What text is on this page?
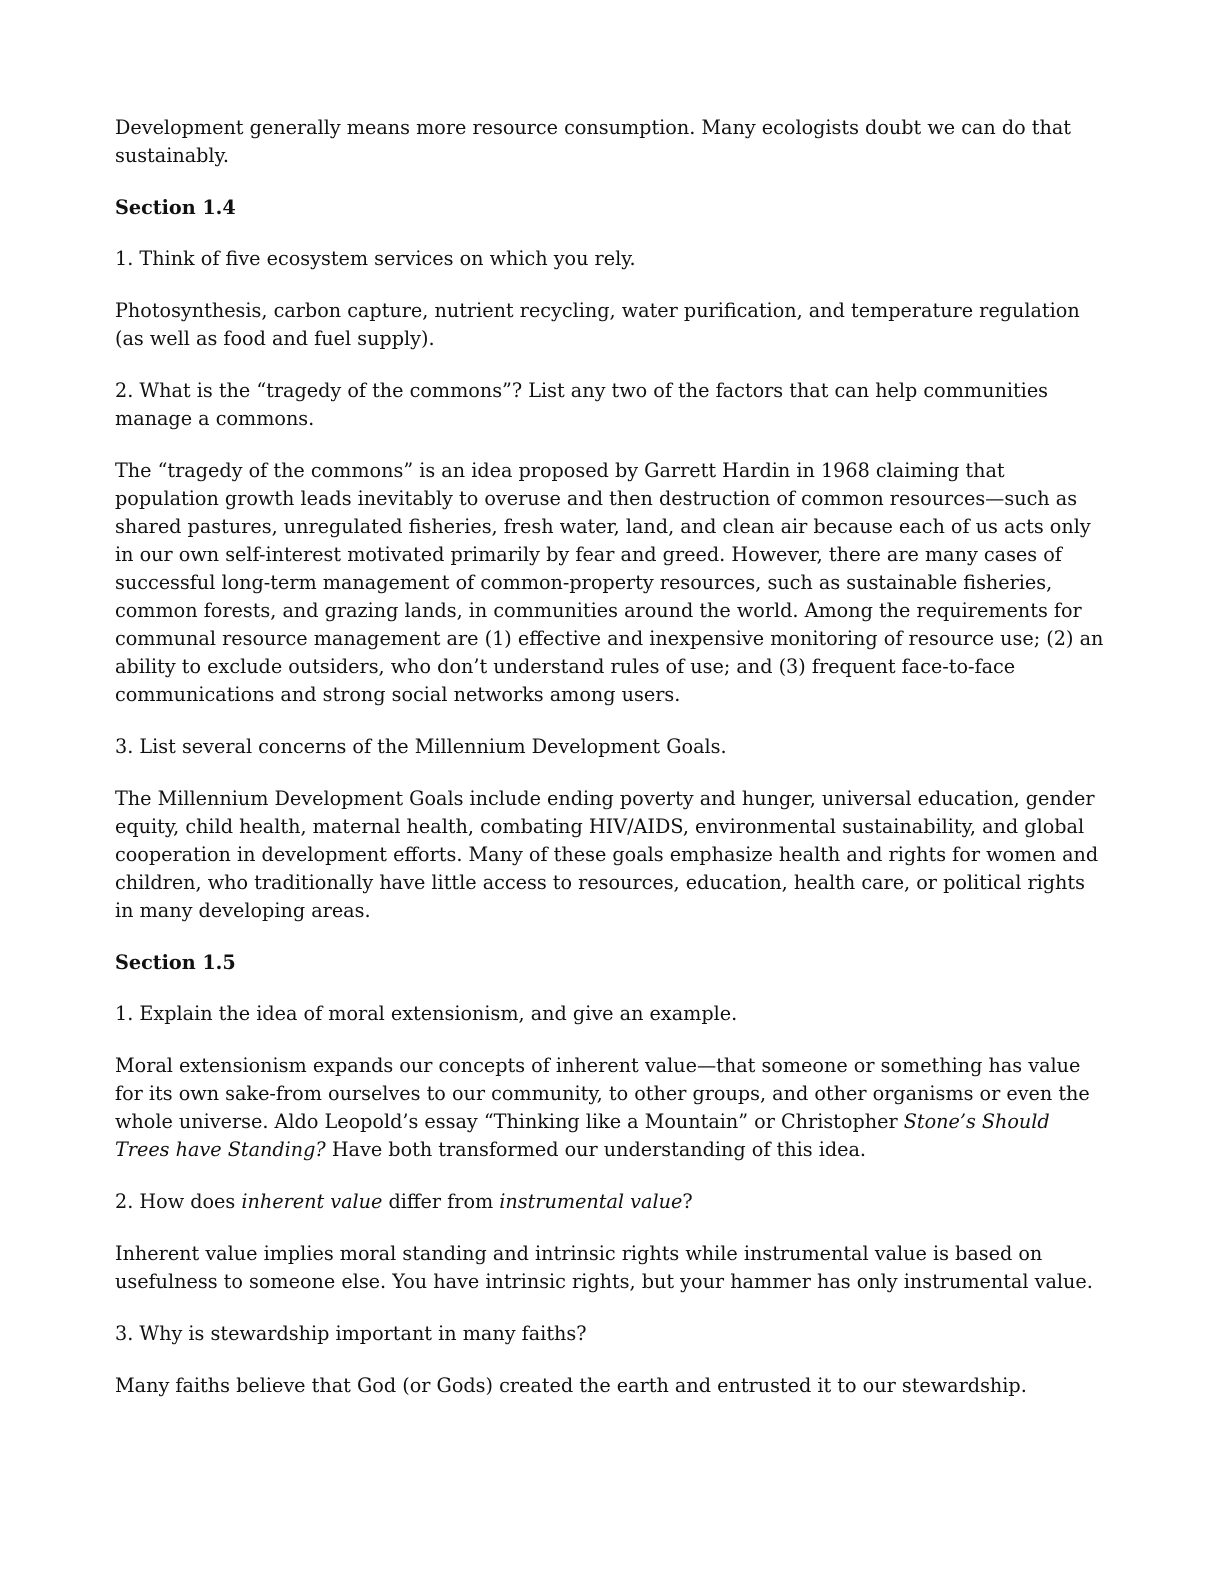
Development generally means more resource consumption. Many ecologists doubt we can do that sustainably.

Section 1.4

1. Think of five ecosystem services on which you rely.

Photosynthesis, carbon capture, nutrient recycling, water purification, and temperature regulation (as well as food and fuel supply).

2. What is the “tragedy of the commons”? List any two of the factors that can help communities manage a commons.

The “tragedy of the commons” is an idea proposed by Garrett Hardin in 1968 claiming that population growth leads inevitably to overuse and then destruction of common resources—such as shared pastures, unregulated fisheries, fresh water, land, and clean air because each of us acts only in our own self-interest motivated primarily by fear and greed. However, there are many cases of successful long-term management of common-property resources, such as sustainable fisheries, common forests, and grazing lands, in communities around the world. Among the requirements for communal resource management are (1) effective and inexpensive monitoring of resource use; (2) an ability to exclude outsiders, who don’t understand rules of use; and (3) frequent face-to-face communications and strong social networks among users.

3. List several concerns of the Millennium Development Goals.

The Millennium Development Goals include ending poverty and hunger, universal education, gender equity, child health, maternal health, combating HIV/AIDS, environmental sustainability, and global cooperation in development efforts. Many of these goals emphasize health and rights for women and children, who traditionally have little access to resources, education, health care, or political rights in many developing areas.

Section 1.5

1. Explain the idea of moral extensionism, and give an example.

Moral extensionism expands our concepts of inherent value—that someone or something has value for its own sake-from ourselves to our community, to other groups, and other organisms or even the whole universe. Aldo Leopold’s essay “Thinking like a Mountain” or Christopher Stone’s Should Trees have Standing? Have both transformed our understanding of this idea.

2. How does inherent value differ from instrumental value?

Inherent value implies moral standing and intrinsic rights while instrumental value is based on usefulness to someone else. You have intrinsic rights, but your hammer has only instrumental value.

3. Why is stewardship important in many faiths?

Many faiths believe that God (or Gods) created the earth and entrusted it to our stewardship.
